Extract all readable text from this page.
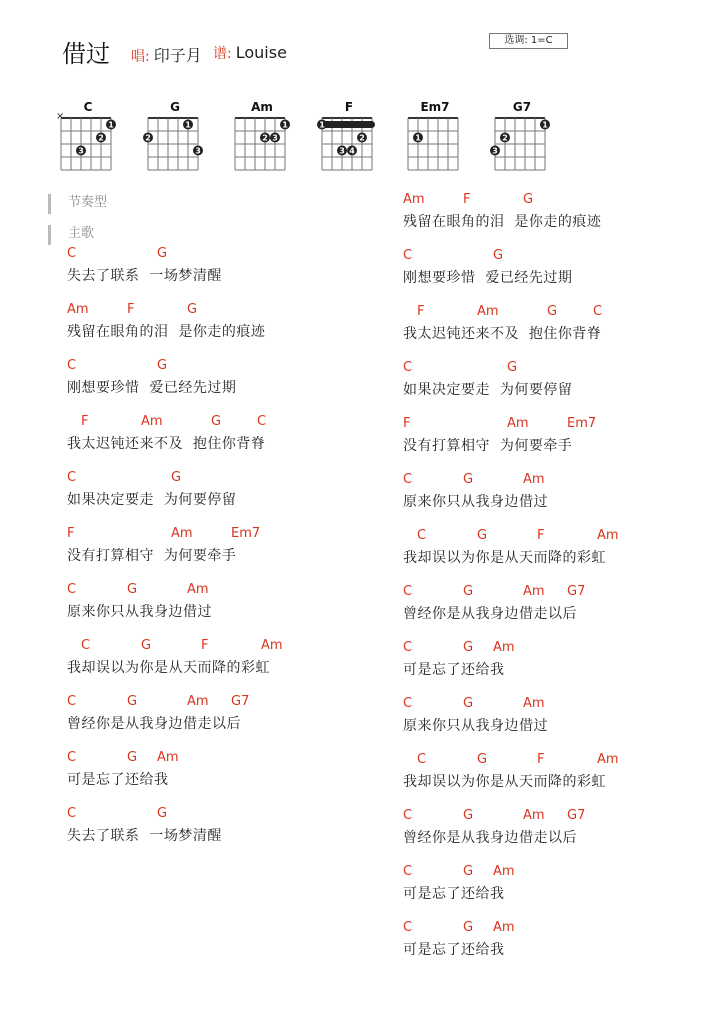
借过 唱: 印子月 谱: Louise
选调: 1=C
C
×
1
2
3
G
1
2
3
Am
1
2 3
F
1
2
3 4
Em7
1
G7
1
2
3
节奏型
主歌
C	G
失去了联系  一场梦清醒
Am	F	G
残留在眼角的泪  是你走的痕迹
C	G
刚想要珍惜  爱已经先过期
F	Am	G	C
我太迟钝还来不及  抱住你背脊
C	G
如果决定要走  为何要停留
F	Am	Em7
没有打算相守  为何要牵手
C	G	Am
原来你只从我身边借过
C	G	F	Am
我却误以为你是从天而降的彩虹
C	G	Am G7
曾经你是从我身边借走以后
C	G Am
可是忘了还给我
C	G
失去了联系  一场梦清醒
Am	F	G
残留在眼角的泪  是你走的痕迹
C	G
刚想要珍惜  爱已经先过期
F	Am	G	C
我太迟钝还来不及  抱住你背脊
C	G
如果决定要走  为何要停留
F	Am	Em7
没有打算相守  为何要牵手
C	G	Am
原来你只从我身边借过
C	G	F	Am
我却误以为你是从天而降的彩虹
C	G	Am G7
曾经你是从我身边借走以后
C	G Am
可是忘了还给我
C	G	Am
原来你只从我身边借过
C	G	F	Am
我却误以为你是从天而降的彩虹
C	G	Am G7
曾经你是从我身边借走以后
C	G Am
可是忘了还给我
C	G Am
可是忘了还给我
